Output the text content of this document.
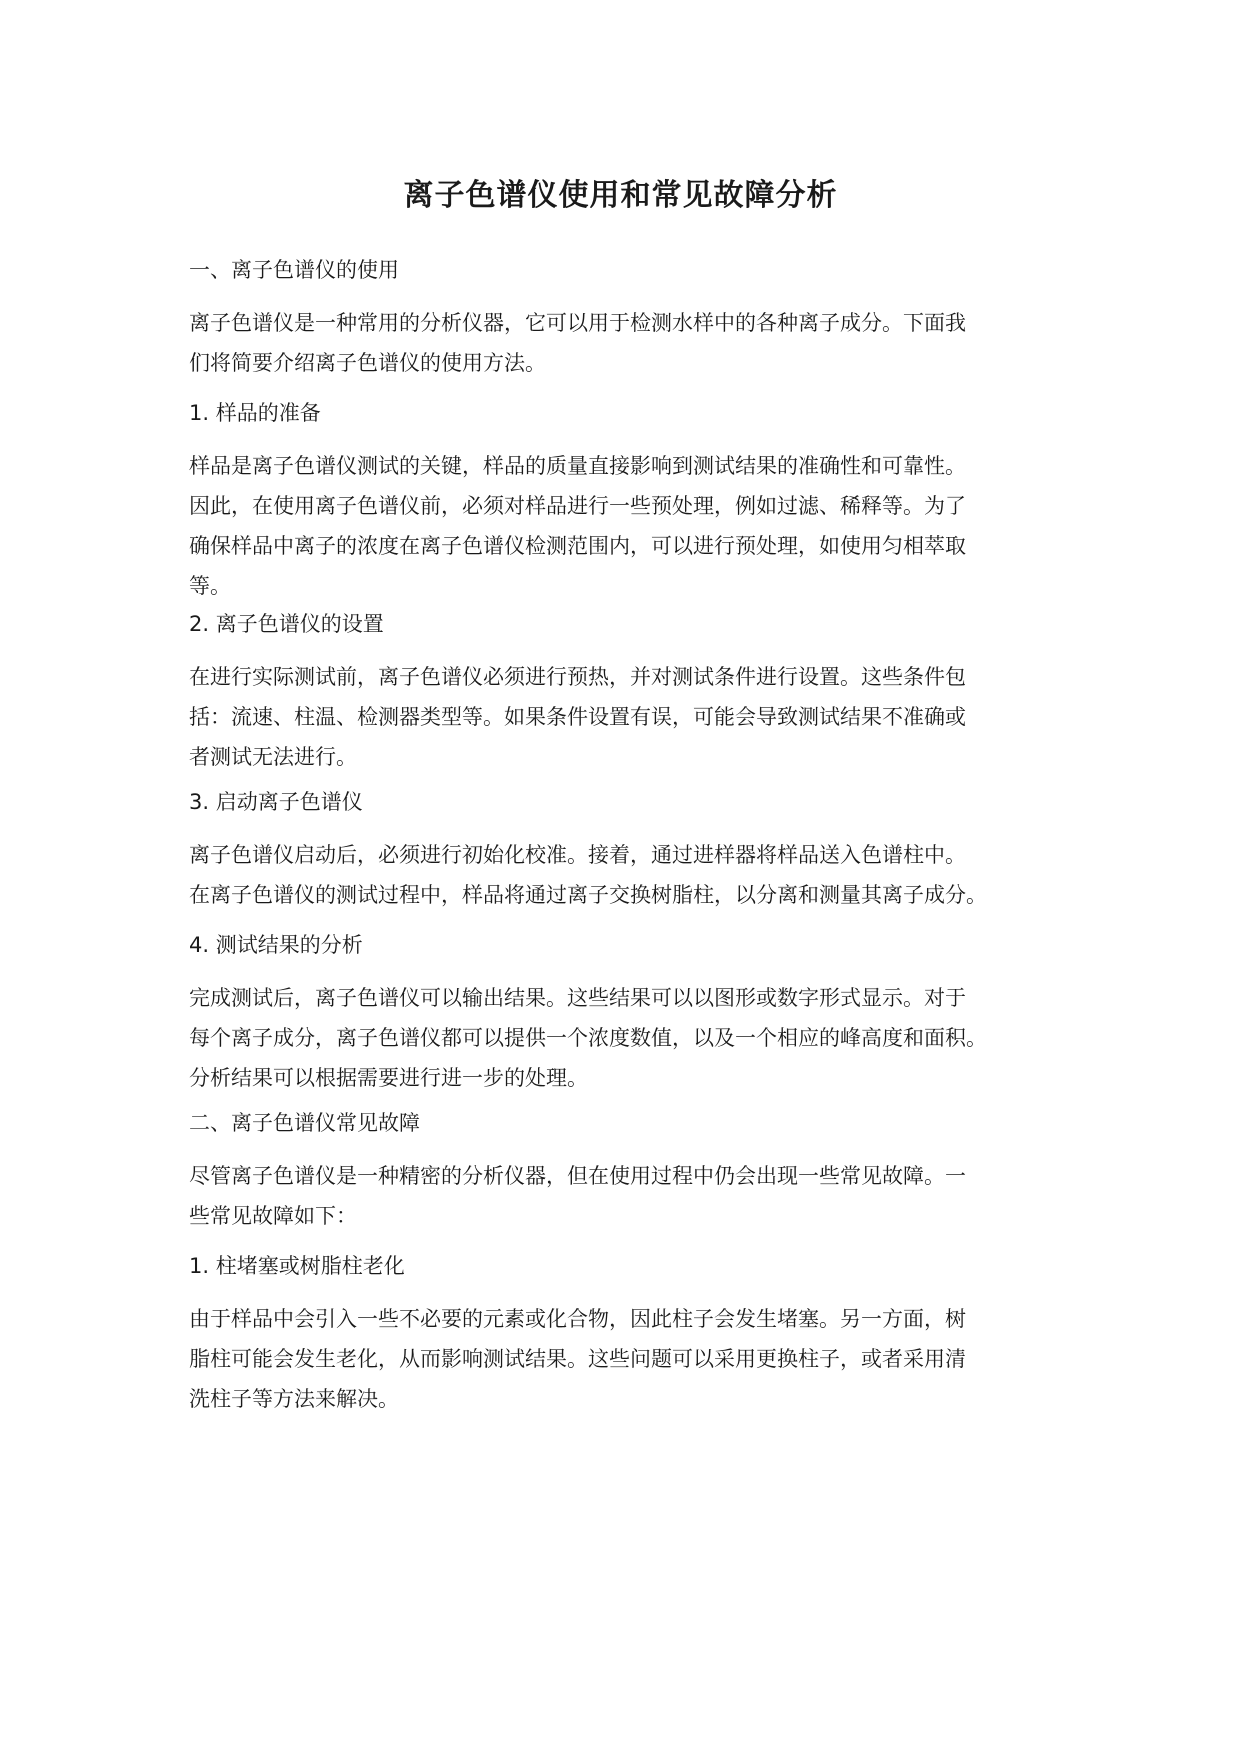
离子色谱仪使用和常见故障分析

一、离子色谱仪的使用

离子色谱仪是一种常用的分析仪器，它可以用于检测水样中的各种离子成分。下面我
们将简要介绍离子色谱仪的使用方法。

1. 样品的准备

样品是离子色谱仪测试的关键，样品的质量直接影响到测试结果的准确性和可靠性。
因此，在使用离子色谱仪前，必须对样品进行一些预处理，例如过滤、稀释等。为了
确保样品中离子的浓度在离子色谱仪检测范围内，可以进行预处理，如使用匀相萃取
等。

2. 离子色谱仪的设置

在进行实际测试前，离子色谱仪必须进行预热，并对测试条件进行设置。这些条件包
括：流速、柱温、检测器类型等。如果条件设置有误，可能会导致测试结果不准确或
者测试无法进行。

3. 启动离子色谱仪

离子色谱仪启动后，必须进行初始化校准。接着，通过进样器将样品送入色谱柱中。
在离子色谱仪的测试过程中，样品将通过离子交换树脂柱，以分离和测量其离子成分。

4. 测试结果的分析

完成测试后，离子色谱仪可以输出结果。这些结果可以以图形或数字形式显示。对于
每个离子成分，离子色谱仪都可以提供一个浓度数值，以及一个相应的峰高度和面积。
分析结果可以根据需要进行进一步的处理。

二、离子色谱仪常见故障

尽管离子色谱仪是一种精密的分析仪器，但在使用过程中仍会出现一些常见故障。一
些常见故障如下：

1. 柱堵塞或树脂柱老化

由于样品中会引入一些不必要的元素或化合物，因此柱子会发生堵塞。另一方面，树
脂柱可能会发生老化，从而影响测试结果。这些问题可以采用更换柱子，或者采用清
洗柱子等方法来解决。
